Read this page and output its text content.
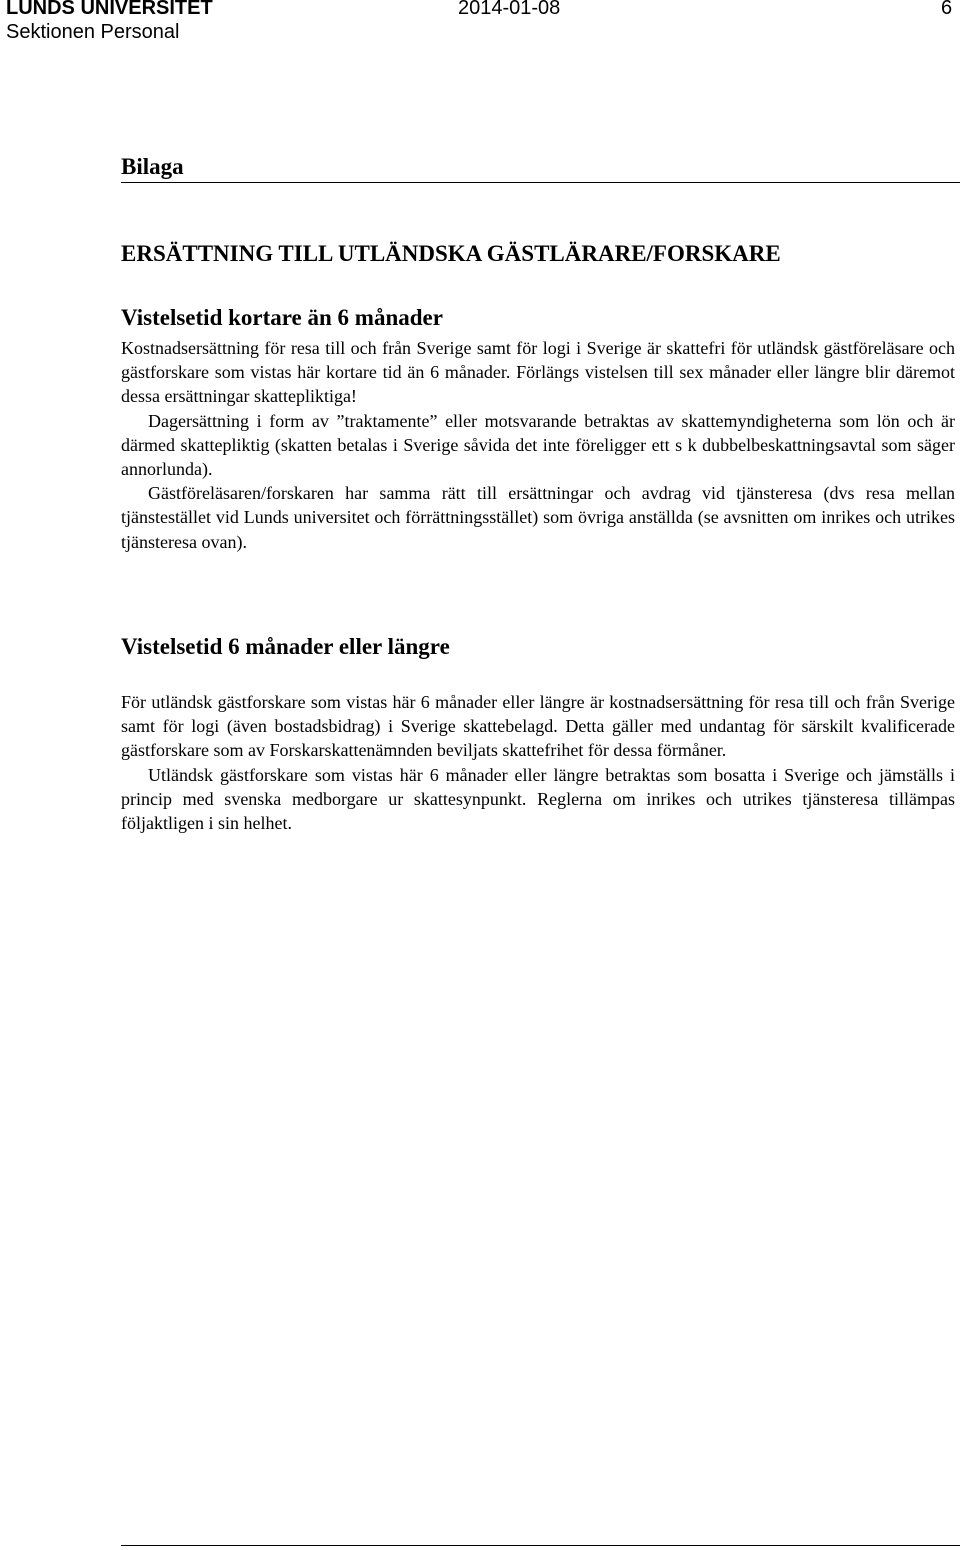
LUNDS UNIVERSITET
Sektionen Personal
2014-01-08	6
Bilaga
ERSÄTTNING TILL UTLÄNDSKA GÄSTLÄRARE/FORSKARE
Vistelsetid kortare än 6 månader

Kostnadsersättning för resa till och från Sverige samt för logi i Sverige är skattefri för utländsk gästföreläsare och gästforskare som vistas här kortare tid än 6 månader. Förlängs vistelsen till sex månader eller längre blir däremot dessa ersättningar skattepliktiga!

Dagersättning i form av ”traktamente” eller motsvarande betraktas av skattemyndigheterna som lön och är därmed skattepliktig (skatten betalas i Sverige såvida det inte föreligger ett s k dubbelbeskattningsavtal som säger annorlunda).

Gästföreläsaren/forskaren har samma rätt till ersättningar och avdrag vid tjänsteresa (dvs resa mellan tjänstestället vid Lunds universitet och förrättningsstället) som övriga anställda (se avsnitten om inrikes och utrikes tjänsteresa ovan).

Vistelsetid 6 månader eller längre

För utländsk gästforskare som vistas här 6 månader eller längre är kostnadsersättning för resa till och från Sverige samt för logi (även bostadsbidrag) i Sverige skattebelagd. Detta gäller med undantag för särskilt kvalificerade gästforskare som av Forskarskattenämnden beviljats skattefrihet för dessa förmåner.

Utländsk gästforskare som vistas här 6 månader eller längre betraktas som bosatta i Sverige och jämställs i princip med svenska medborgare ur skattesynpunkt. Reglerna om inrikes och utrikes tjänsteresa tillämpas följaktligen i sin helhet.
